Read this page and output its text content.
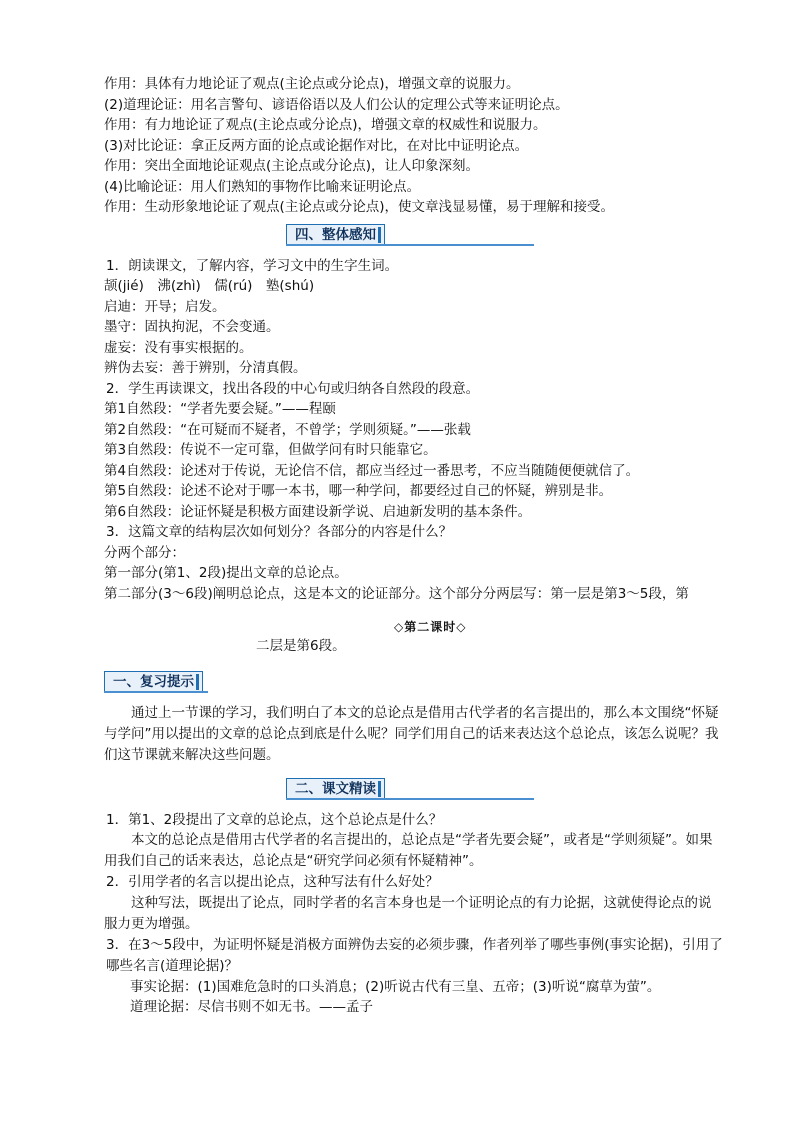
作用：具体有力地论证了观点(主论点或分论点)，增强文章的说服力。
(2)道理论证：用名言警句、谚语俗语以及人们公认的定理公式等来证明论点。
作用：有力地论证了观点(主论点或分论点)，增强文章的权威性和说服力。
(3)对比论证：拿正反两方面的论点或论据作对比，在对比中证明论点。
作用：突出全面地论证观点(主论点或分论点)，让人印象深刻。
(4)比喻论证：用人们熟知的事物作比喻来证明论点。
作用：生动形象地论证了观点(主论点或分论点)，使文章浅显易懂，易于理解和接受。
四、整体感知
1．朗读课文，了解内容，学习文中的生字生词。
颉(jié)　沸(zhì)　儒(rú)　塾(shú)
启迪：开导；启发。
墨守：固执拘泥，不会变通。
虚妄：没有事实根据的。
辨伪去妄：善于辨别，分清真假。
2．学生再读课文，找出各段的中心句或归纳各自然段的段意。
第1自然段：“学者先要会疑。”——程颐
第2自然段：“在可疑而不疑者，不曾学；学则须疑。”——张载
第3自然段：传说不一定可靠，但做学问有时只能靠它。
第4自然段：论述对于传说，无论信不信，都应当经过一番思考，不应当随随便便就信了。
第5自然段：论述不论对于哪一本书，哪一种学问，都要经过自己的怀疑，辨别是非。
第6自然段：论证怀疑是积极方面建设新学说、启迪新发明的基本条件。
3．这篇文章的结构层次如何划分？各部分的内容是什么？
分两个部分：
第一部分(第1、2段)提出文章的总论点。
第二部分(3～6段)阐明总论点，这是本文的论证部分。这个部分分两层写：第一层是第3～5段，第
◇第二课时◇
二层是第6段。
一、复习提示
通过上一节课的学习，我们明白了本文的总论点是借用古代学者的名言提出的，那么本文围绕“怀疑与学问”用以提出的文章的总论点到底是什么呢？同学们用自己的话来表达这个总论点，该怎么说呢？我们这节课就来解决这些问题。
二、课文精读
1．第1、2段提出了文章的总论点，这个总论点是什么？
本文的总论点是借用古代学者的名言提出的，总论点是“学者先要会疑”，或者是“学则须疑”。如果用我们自己的话来表达，总论点是“研究学问必须有怀疑精神”。
2．引用学者的名言以提出论点，这种写法有什么好处？
这种写法，既提出了论点，同时学者的名言本身也是一个证明论点的有力论据，这就使得论点的说服力更为增强。
3．在3～5段中，为证明怀疑是消极方面辨伪去妄的必须步骤，作者列举了哪些事例(事实论据)，引用了哪些名言(道理论据)？
事实论据：(1)国难危急时的口头消息；(2)听说古代有三皇、五帝；(3)听说“腐草为萤”。
道理论据：尽信书则不如无书。——孟子
